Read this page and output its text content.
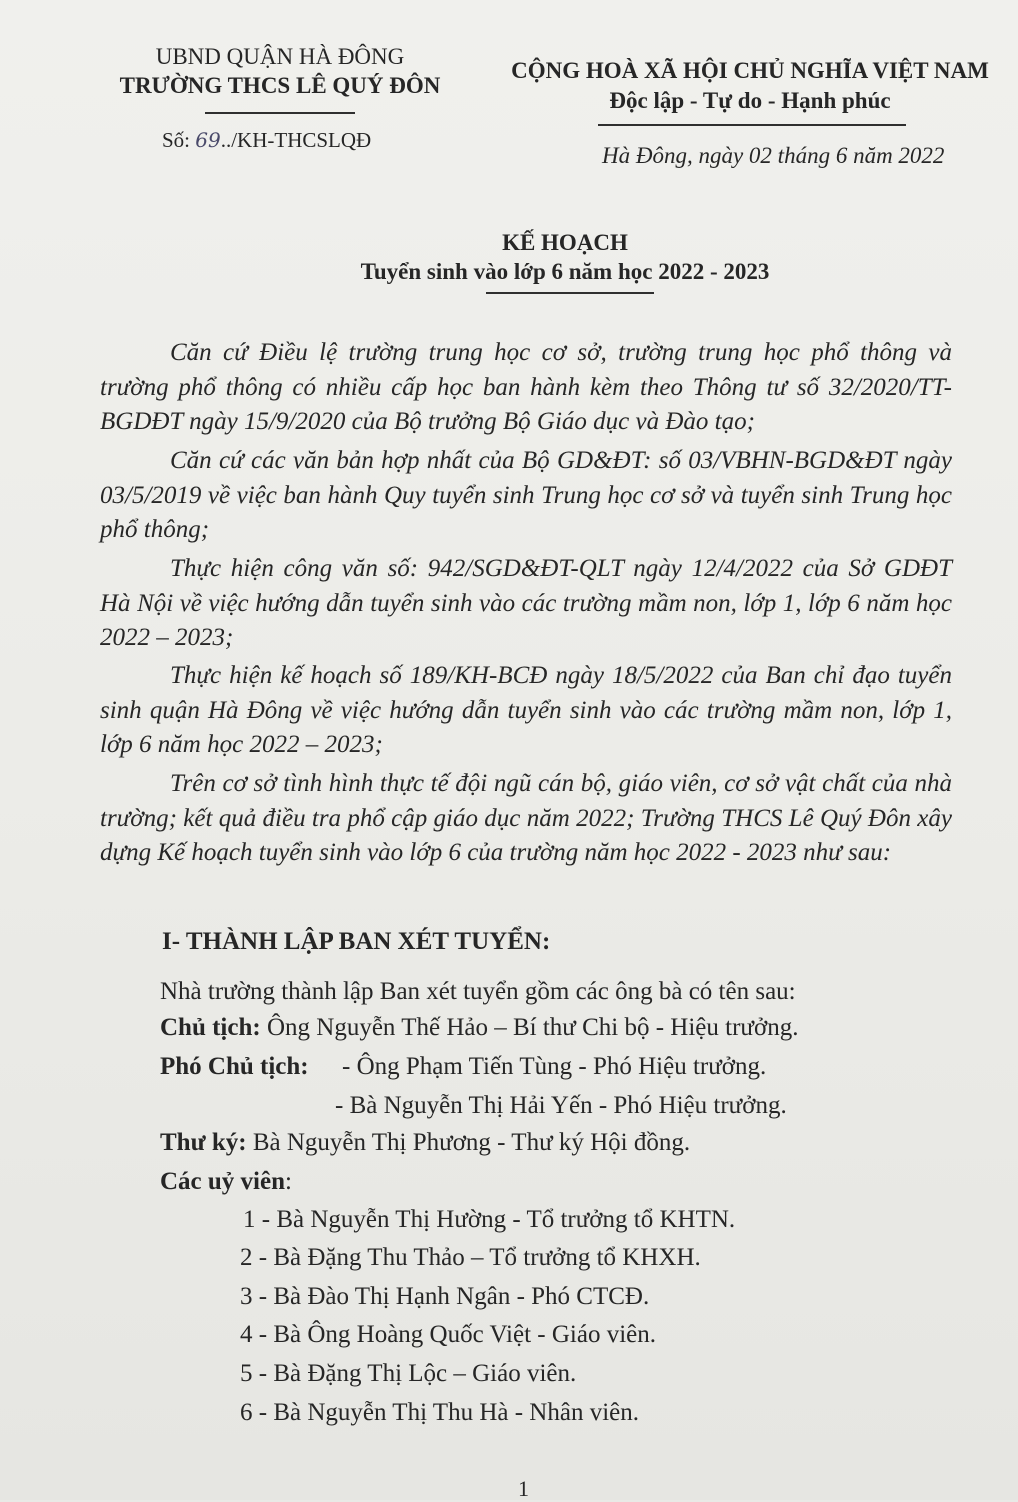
UBND QUẬN HÀ ĐÔNG
TRƯỜNG THCS LÊ QUÝ ĐÔN
Số: 69../KH-THCSLQĐ
CỘNG HOÀ XÃ HỘI CHỦ NGHĨA VIỆT NAM
Độc lập - Tự do - Hạnh phúc
Hà Đông, ngày 02 tháng 6 năm 2022
KẾ HOẠCH
Tuyển sinh vào lớp 6 năm học 2022 - 2023
Căn cứ Điều lệ trường trung học cơ sở, trường trung học phổ thông và trường phổ thông có nhiều cấp học ban hành kèm theo Thông tư số 32/2020/TT-BGDĐT ngày 15/9/2020 của Bộ trưởng Bộ Giáo dục và Đào tạo;
Căn cứ các văn bản hợp nhất của Bộ GD&ĐT: số 03/VBHN-BGD&ĐT ngày 03/5/2019 về việc ban hành Quy tuyển sinh Trung học cơ sở và tuyển sinh Trung học phổ thông;
Thực hiện công văn số: 942/SGD&ĐT-QLT ngày 12/4/2022 của Sở GDĐT Hà Nội về việc hướng dẫn tuyển sinh vào các trường mầm non, lớp 1, lớp 6 năm học 2022 – 2023;
Thực hiện kế hoạch số 189/KH-BCĐ ngày 18/5/2022 của Ban chỉ đạo tuyển sinh quận Hà Đông về việc hướng dẫn tuyển sinh vào các trường mầm non, lớp 1, lớp 6 năm học 2022 – 2023;
Trên cơ sở tình hình thực tế đội ngũ cán bộ, giáo viên, cơ sở vật chất của nhà trường; kết quả điều tra phổ cập giáo dục năm 2022; Trường THCS Lê Quý Đôn xây dựng Kế hoạch tuyển sinh vào lớp 6 của trường năm học 2022 - 2023 như sau:
I- THÀNH LẬP BAN XÉT TUYỂN:
Nhà trường thành lập Ban xét tuyển gồm các ông bà có tên sau:
Chủ tịch: Ông Nguyễn Thế Hảo – Bí thư Chi bộ - Hiệu trưởng.
Phó Chủ tịch: - Ông Phạm Tiến Tùng - Phó Hiệu trưởng.
- Bà Nguyễn Thị Hải Yến - Phó Hiệu trưởng.
Thư ký: Bà Nguyễn Thị Phương - Thư ký Hội đồng.
Các uỷ viên:
1 - Bà Nguyễn Thị Hường - Tổ trưởng tổ KHTN.
2 - Bà Đặng Thu Thảo – Tổ trưởng tổ KHXH.
3 - Bà Đào Thị Hạnh Ngân - Phó CTCĐ.
4 - Bà Ông Hoàng Quốc Việt - Giáo viên.
5 - Bà Đặng Thị Lộc – Giáo viên.
6 - Bà Nguyễn Thị Thu Hà - Nhân viên.
1
